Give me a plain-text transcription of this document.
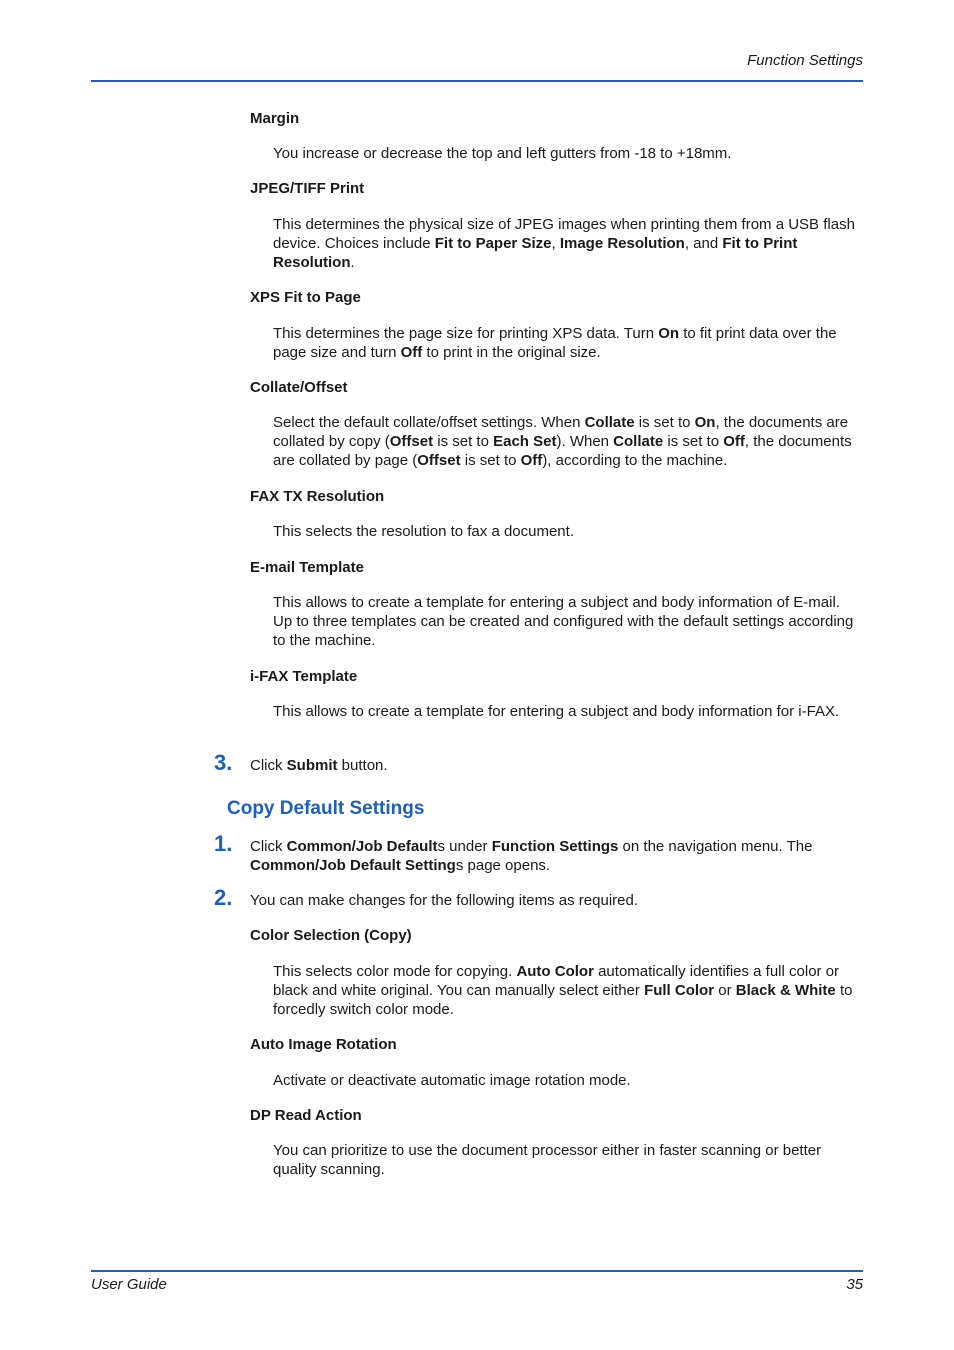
Function Settings
Margin
You increase or decrease the top and left gutters from -18 to +18mm.
JPEG/TIFF Print
This determines the physical size of JPEG images when printing them from a USB flash device. Choices include Fit to Paper Size, Image Resolution, and Fit to Print Resolution.
XPS Fit to Page
This determines the page size for printing XPS data. Turn On to fit print data over the page size and turn Off to print in the original size.
Collate/Offset
Select the default collate/offset settings. When Collate is set to On, the documents are collated by copy (Offset is set to Each Set). When Collate is set to Off, the documents are collated by page (Offset is set to Off), according to the machine.
FAX TX Resolution
This selects the resolution to fax a document.
E-mail Template
This allows to create a template for entering a subject and body information of E-mail. Up to three templates can be created and configured with the default settings according to the machine.
i-FAX Template
This allows to create a template for entering a subject and body information for i-FAX.
3. Click Submit button.
Copy Default Settings
1. Click Common/Job Defaults under Function Settings on the navigation menu. The Common/Job Default Settings page opens.
2. You can make changes for the following items as required.
Color Selection (Copy)
This selects color mode for copying. Auto Color automatically identifies a full color or black and white original. You can manually select either Full Color or Black & White to forcedly switch color mode.
Auto Image Rotation
Activate or deactivate automatic image rotation mode.
DP Read Action
You can prioritize to use the document processor either in faster scanning or better quality scanning.
User Guide	35
